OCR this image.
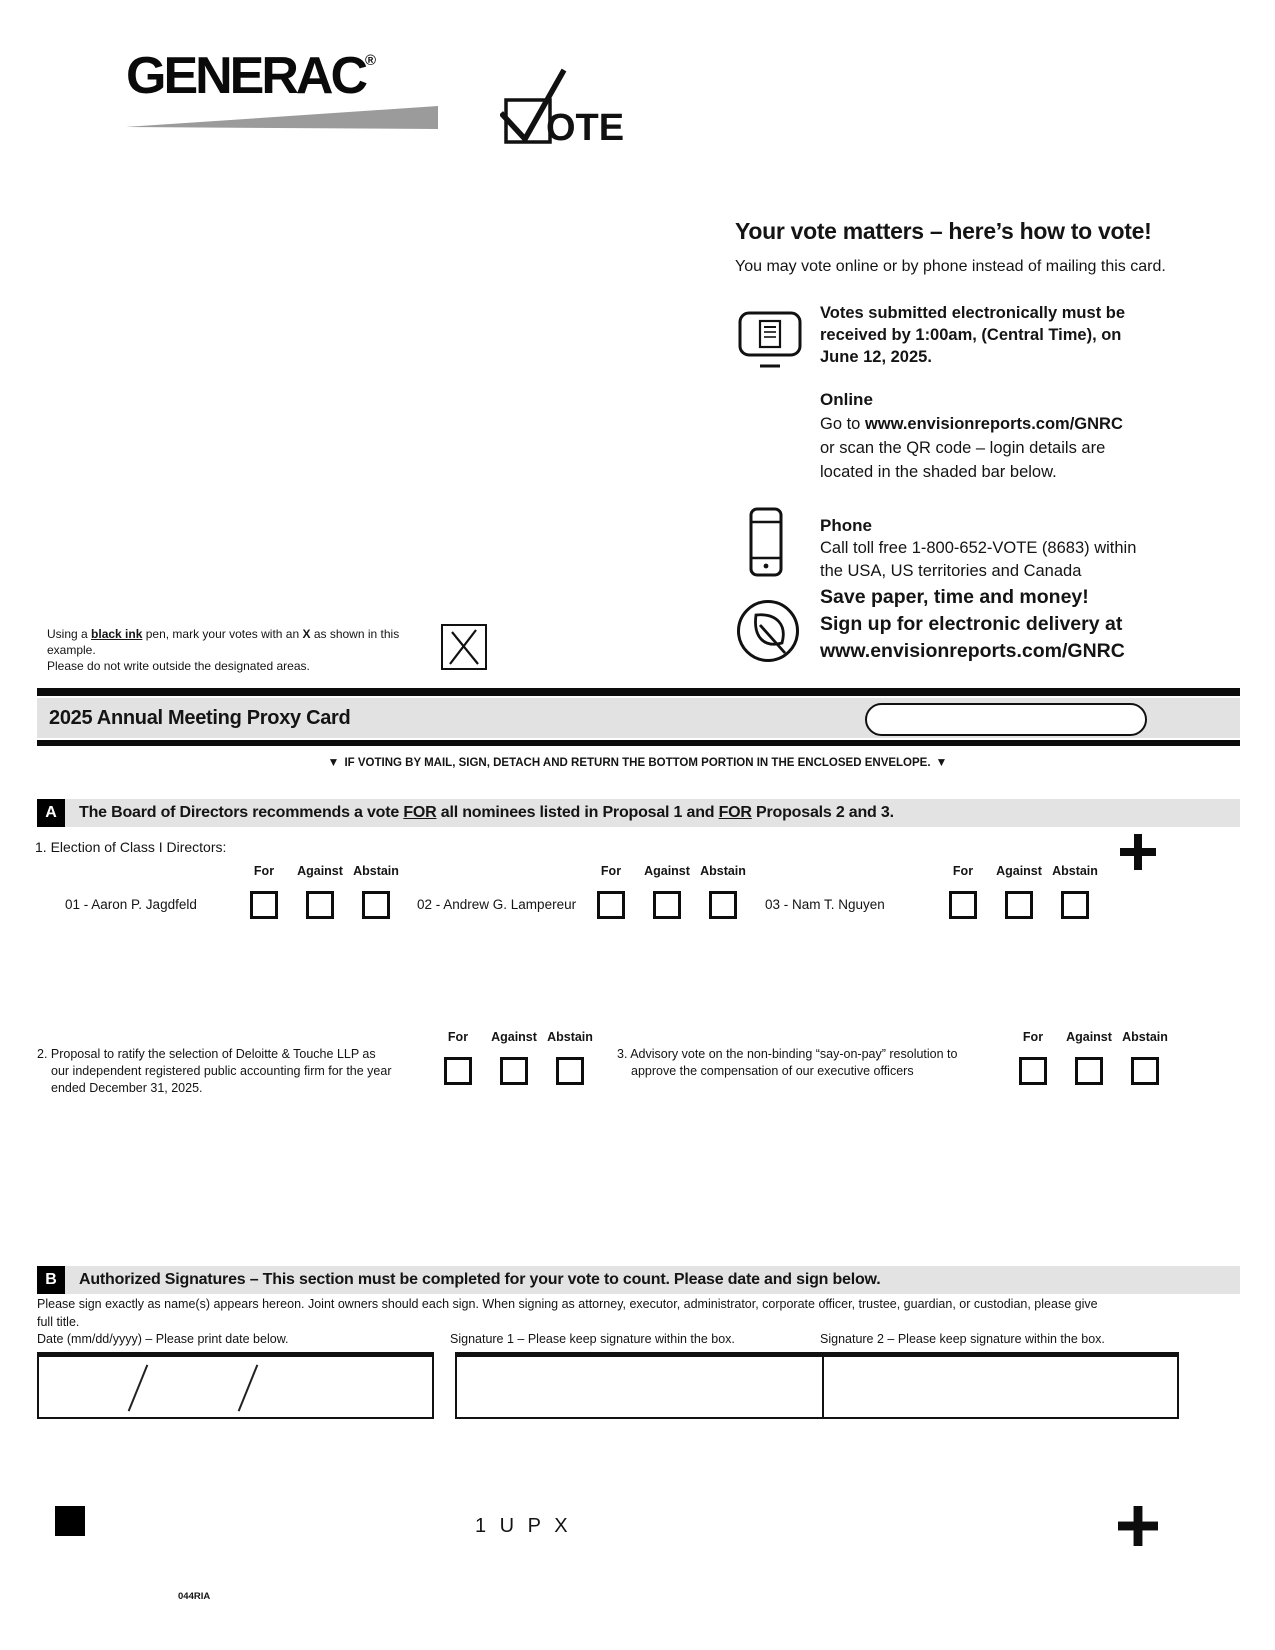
GENERAC®
OTE
Your vote matters – here’s how to vote!
You may vote online or by phone instead of mailing this card.
Votes submitted electronically must be
received by 1:00am, (Central Time), on
June 12, 2025.
Online
Go to www.envisionreports.com/GNRC
or scan the QR code – login details are
located in the shaded bar below.
Phone
Call toll free 1-800-652-VOTE (8683) within
the USA, US territories and Canada
Save paper, time and money!
Sign up for electronic delivery at
www.envisionreports.com/GNRC
Using a black ink pen, mark your votes with an X as shown in this example.
Please do not write outside the designated areas.
2025 Annual Meeting Proxy Card
▼ IF VOTING BY MAIL, SIGN, DETACH AND RETURN THE BOTTOM PORTION IN THE ENCLOSED ENVELOPE. ▼
A	The Board of Directors recommends a vote FOR all nominees listed in Proposal 1 and FOR Proposals 2 and 3.
1. Election of Class I Directors:
For	Against Abstain	For	Against Abstain	For	Against Abstain
01 - Aaron P. Jagdfeld	02 - Andrew G. Lampereur	03 - Nam T. Nguyen
2. Proposal to ratify the selection of Deloitte & Touche LLP as
our independent registered public accounting firm for the year
ended December 31, 2025.
For	Against Abstain
3. Advisory vote on the non-binding “say-on-pay” resolution to
approve the compensation of our executive officers
For	Against Abstain
B	Authorized Signatures – This section must be completed for your vote to count. Please date and sign below.
Please sign exactly as name(s) appears hereon. Joint owners should each sign. When signing as attorney, executor, administrator, corporate officer, trustee, guardian, or custodian, please give
full title.
Date (mm/dd/yyyy) – Please print date below.	Signature 1 – Please keep signature within the box.	Signature 2 – Please keep signature within the box.
1 U P X
044RIA
